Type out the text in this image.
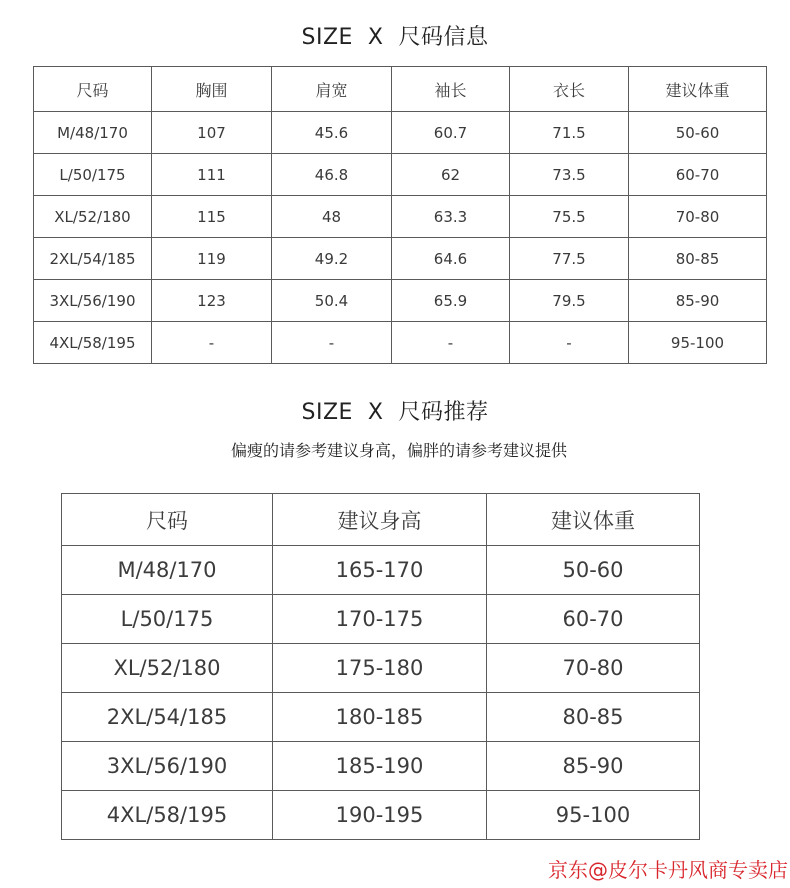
SIZE  X  尺码信息
尺码	胸围	肩宽	袖长	衣长	建议体重
M/48/170	107	45.6	60.7	71.5	50-60
L/50/175	111	46.8	62	73.5	60-70
XL/52/180	115	48	63.3	75.5	70-80
2XL/54/185	119	49.2	64.6	77.5	80-85
3XL/56/190	123	50.4	65.9	79.5	85-90
4XL/58/195	-	-	-	-	95-100
SIZE  X  尺码推荐
偏瘦的请参考建议身高，偏胖的请参考建议提供
尺码	建议身高	建议体重
M/48/170	165-170	50-60
L/50/175	170-175	60-70
XL/52/180	175-180	70-80
2XL/54/185	180-185	80-85
3XL/56/190	185-190	85-90
4XL/58/195	190-195	95-100
京东@皮尔卡丹风商专卖店
